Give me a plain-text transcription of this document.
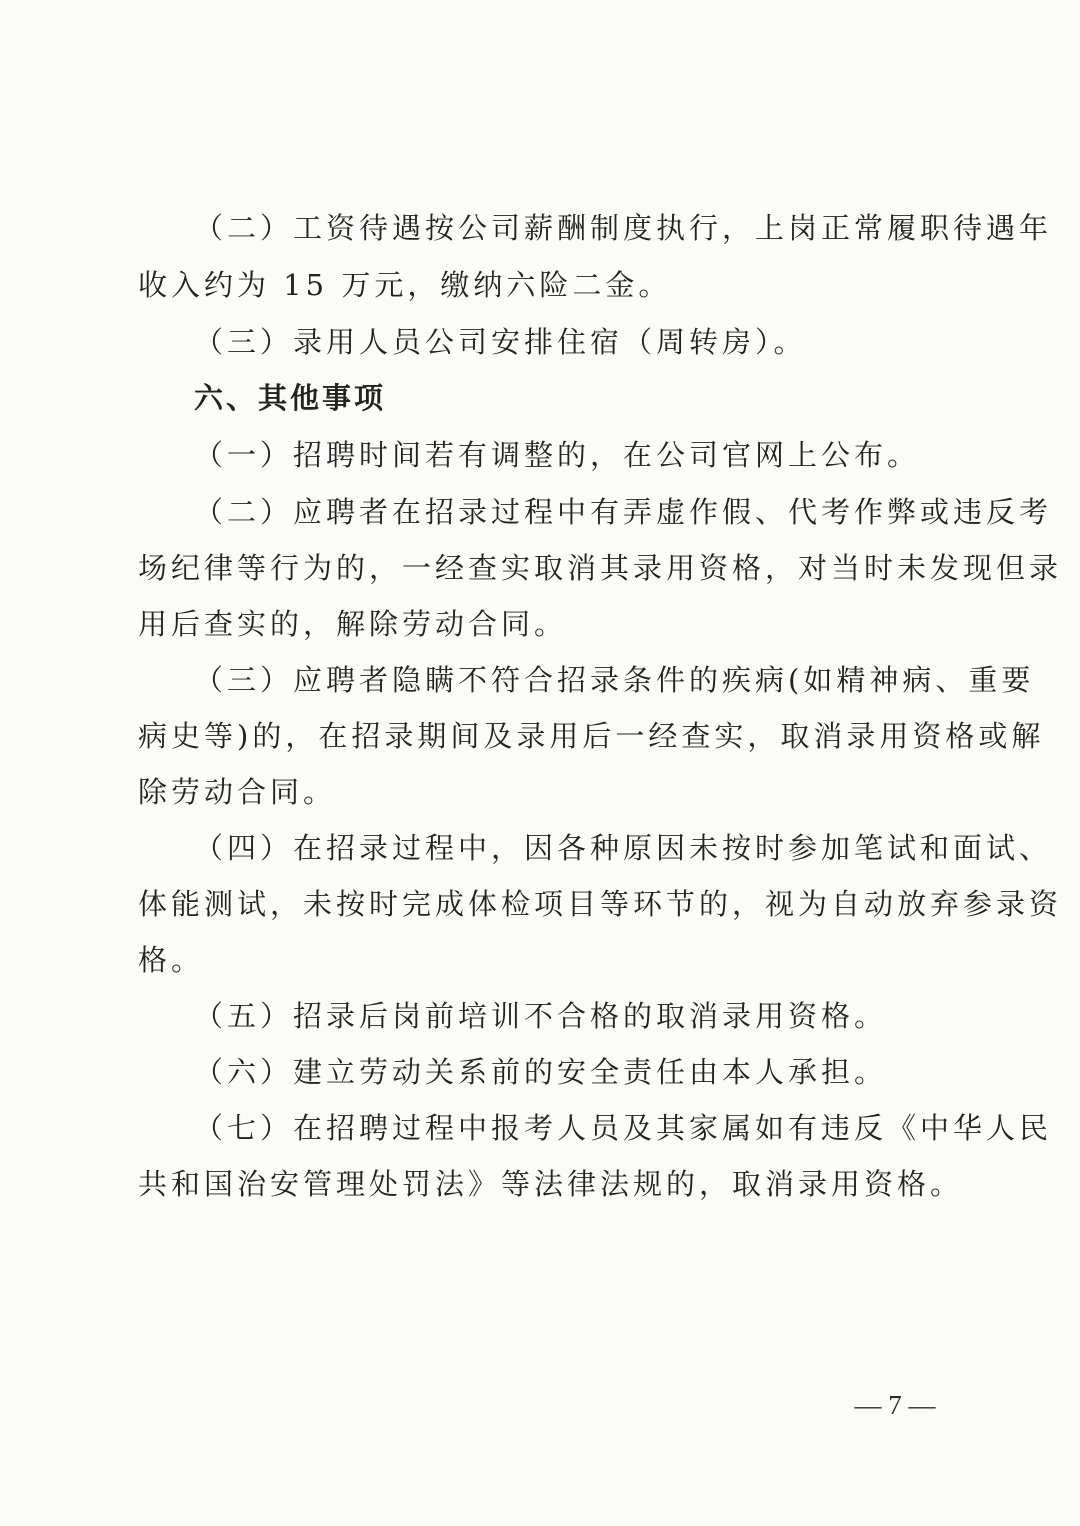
（二）工资待遇按公司薪酬制度执行，上岗正常履职待遇年
收入约为 15 万元，缴纳六险二金。
（三）录用人员公司安排住宿（周转房）。
六、其他事项
（一）招聘时间若有调整的，在公司官网上公布。
（二）应聘者在招录过程中有弄虚作假、代考作弊或违反考
场纪律等行为的，一经查实取消其录用资格，对当时未发现但录
用后查实的，解除劳动合同。
（三）应聘者隐瞒不符合招录条件的疾病(如精神病、重要
病史等)的，在招录期间及录用后一经查实，取消录用资格或解
除劳动合同。
（四）在招录过程中，因各种原因未按时参加笔试和面试、
体能测试，未按时完成体检项目等环节的，视为自动放弃参录资
格。
（五）招录后岗前培训不合格的取消录用资格。
（六）建立劳动关系前的安全责任由本人承担。
（七）在招聘过程中报考人员及其家属如有违反《中华人民
共和国治安管理处罚法》等法律法规的，取消录用资格。
— 7 —
